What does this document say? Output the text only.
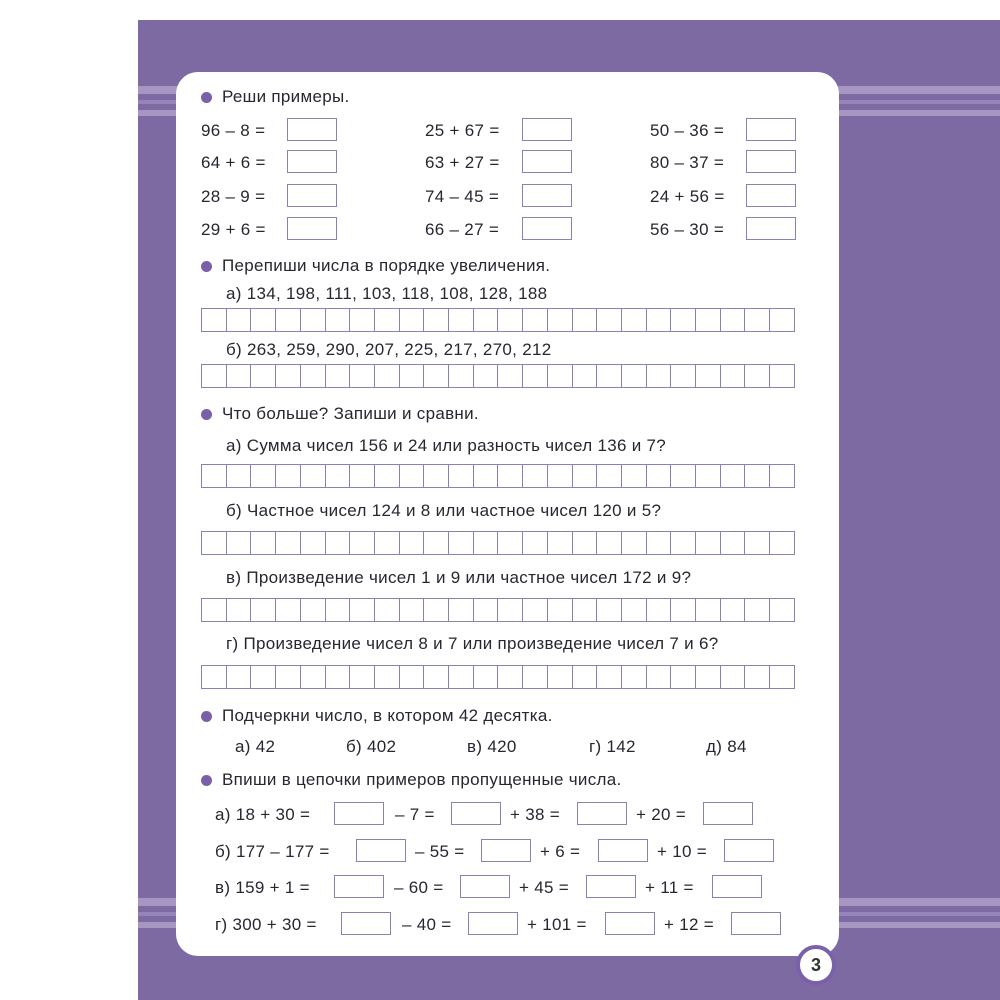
Реши примеры.
96 – 8 =	25 + 67 =	50 – 36 =
64 + 6 =	63 + 27 =	80 – 37 =
28 – 9 =	74 – 45 =	24 + 56 =
29 + 6 =	66 – 27 =	56 – 30 =
Перепиши числа в порядке увеличения.
а) 134, 198, 111, 103, 118, 108, 128, 188
б) 263, 259, 290, 207, 225, 217, 270, 212
Что больше? Запиши и сравни.
а) Сумма чисел 156 и 24 или разность чисел 136 и 7?
б) Частное чисел 124 и 8 или частное чисел 120 и 5?
в) Произведение чисел 1 и 9 или частное чисел 172 и 9?
г) Произведение чисел 8 и 7 или произведение чисел 7 и 6?
Подчеркни число, в котором 42 десятка.
а) 42	б) 402	в) 420	г) 142	д) 84
Впиши в цепочки примеров пропущенные числа.
а) 18 + 30 =	– 7 =	+ 38 =	+ 20 =
б) 177 – 177 =	– 55 =	+ 6 =	+ 10 =
в) 159 + 1 =	– 60 =	+ 45 =	+ 11 =
г) 300 + 30 =	– 40 =	+ 101 =	+ 12 =
3
